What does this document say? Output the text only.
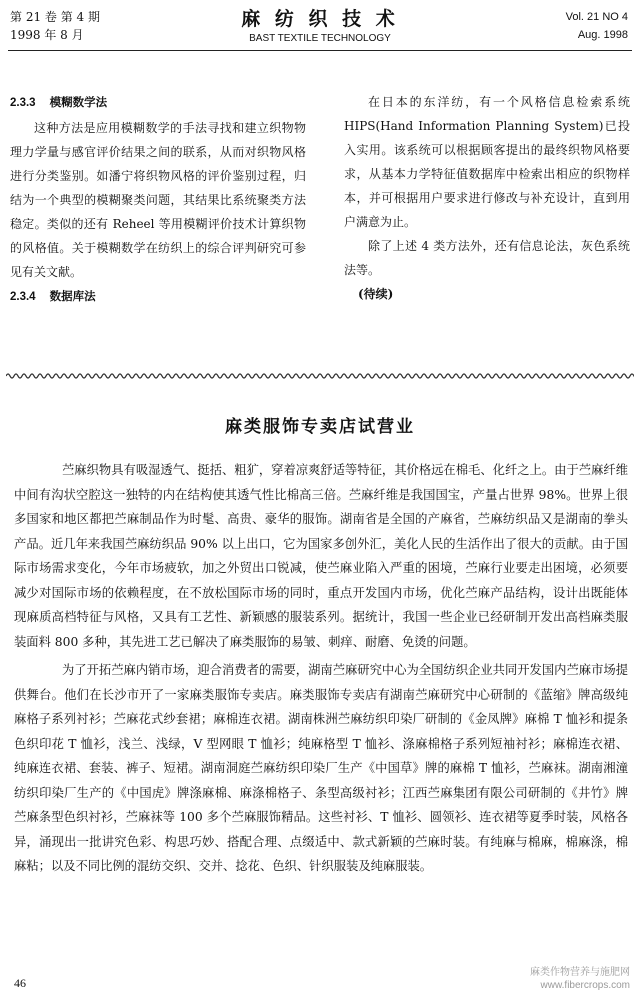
第 21 卷 第 4 期
1998 年 8 月
麻 纺 织 技 术
BAST TEXTILE TECHNOLOGY
Vol. 21 NO 4
Aug. 1998
2.3.3 模糊数学法

这种方法是应用模糊数学的手法寻找和建立织物物理力学量与感官评价结果之间的联系，从而对织物风格进行分类鉴别。如潘宁将织物风格的评价鉴别过程，归结为一个典型的模糊聚类问题，其结果比系统聚类方法稳定。类似的还有 Reheel 等用模糊评价技术计算织物的风格值。关于模糊数学在纺织上的综合评判研究可参见有关文献。

2.3.4 数据库法

在日本的东洋纺，有一个风格信息检索系统 HIPS(Hand Information Planning System)已投入实用。该系统可以根据顾客提出的最终织物风格要求，从基本力学特征值数据库中检索出相应的织物样本，并可根据用户要求进行修改与补充设计，直到用户满意为止。

除了上述 4 类方法外，还有信息论法，灰色系统法等。

(待续)
麻类服饰专卖店试营业

苎麻织物具有吸湿透气、挺括、粗犷，穿着凉爽舒适等特征，其价格远在棉毛、化纤之上。由于苎麻纤维中间有沟状空腔这一独特的内在结构使其透气性比棉高三倍。苎麻纤维是我国国宝，产量占世界 98%。世界上很多国家和地区都把苎麻制品作为时髦、高贵、豪华的服饰。湖南省是全国的产麻省，苎麻纺织品又是湖南的拳头产品。近几年来我国苎麻纺织品 90% 以上出口，它为国家多创外汇，美化人民的生活作出了很大的贡献。由于国际市场需求变化，今年市场疲软，加之外贸出口锐减，使苎麻业陷入严重的困境，苎麻行业要走出困境，必须要减少对国际市场的依赖程度，在不放松国际市场的同时，重点开发国内市场，优化苎麻产品结构，设计出既能体现麻质高档特征与风格，又具有工艺性、新颖感的服装系列。据统计，我国一些企业已经研制开发出高档麻类服装面料 800 多种，其先进工艺已解决了麻类服饰的易皱、刺痒、耐磨、免烫的问题。

为了开拓苎麻内销市场，迎合消费者的需要，湖南苎麻研究中心为全国纺织企业共同开发国内苎麻市场提供舞台。他们在长沙市开了一家麻类服饰专卖店。麻类服饰专卖店有湖南苎麻研究中心研制的《蓝缩》牌高级纯麻格子系列衬衫；苎麻花式纱套裙；麻棉连衣裙。湖南株洲苎麻纺织印染厂研制的《金凤牌》麻棉 T 恤衫和提条色织印花 T 恤衫，浅兰、浅绿，V 型网眼 T 恤衫；纯麻格型 T 恤衫、涤麻棉格子系列短袖衬衫；麻棉连衣裙、纯麻连衣裙、套装、裤子、短裙。湖南洞庭苎麻纺织印染厂生产《中国草》牌的麻棉 T 恤衫，苎麻袜。湖南湘潼纺织印染厂生产的《中国虎》牌涤麻棉、麻涤棉格子、条型高级衬衫；江西苎麻集团有限公司研制的《井竹》牌苎麻条型色织衬衫，苎麻袜等 100 多个苎麻服饰精品。这些衬衫、T 恤衫、圆领衫、连衣裙等夏季时装，风格各异，涌现出一批讲究色彩、构思巧妙、搭配合理、点缀适中、款式新颖的苎麻时装。有纯麻与棉麻，棉麻涤，棉麻粘；以及不同比例的混纺交织、交并、捻花、色织、针织服装及纯麻服装。

46
麻类作物营养与施肥网
www.fibercrops.com
